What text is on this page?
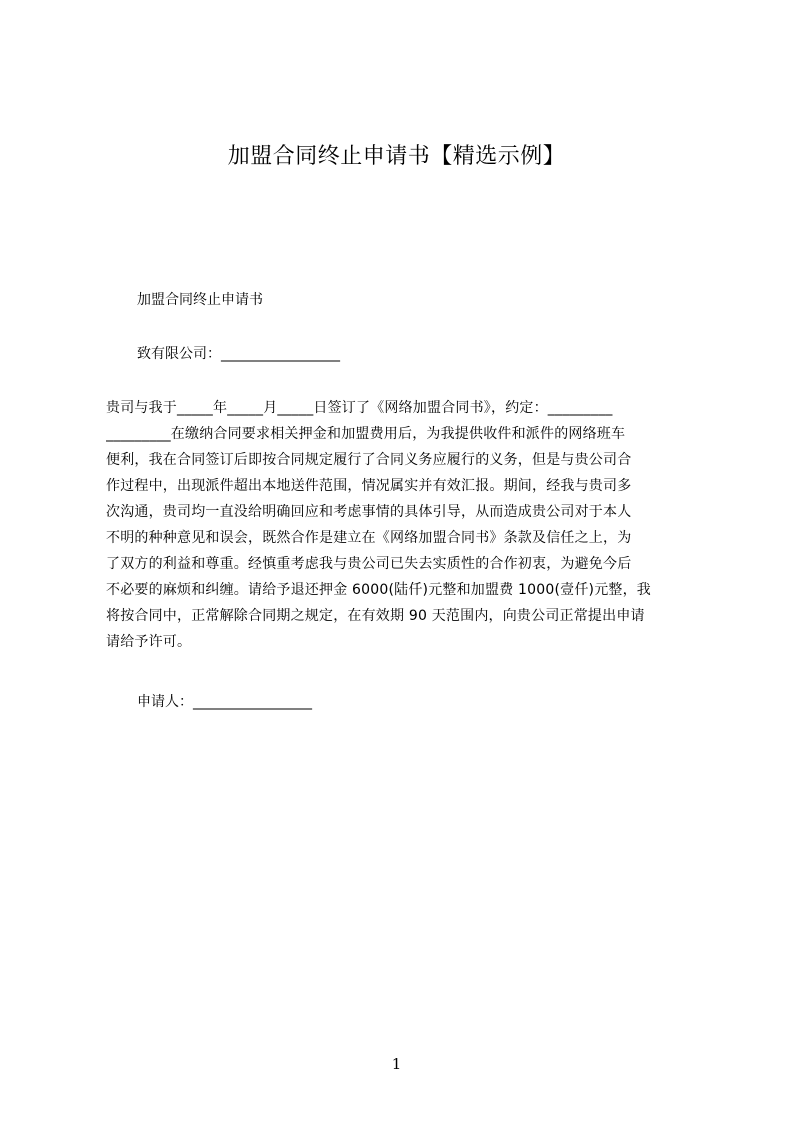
加盟合同终止申请书【精选示例】

加盟合同终止申请书

致有限公司：_________________

贵司与我于_____年_____月_____日签订了《网络加盟合同书》，约定：_________
_________在缴纳合同要求相关押金和加盟费用后，为我提供收件和派件的网络班车
便利，我在合同签订后即按合同规定履行了合同义务应履行的义务，但是与贵公司合
作过程中，出现派件超出本地送件范围，情况属实并有效汇报。期间，经我与贵司多
次沟通，贵司均一直没给明确回应和考虑事情的具体引导，从而造成贵公司对于本人
不明的种种意见和误会，既然合作是建立在《网络加盟合同书》条款及信任之上，为
了双方的利益和尊重。经慎重考虑我与贵公司已失去实质性的合作初衷，为避免今后
不必要的麻烦和纠缠。请给予退还押金 6000(陆仟)元整和加盟费 1000(壹仟)元整，我
将按合同中，正常解除合同期之规定，在有效期 90 天范围内，向贵公司正常提出申请
请给予许可。

申请人：_________________

1
